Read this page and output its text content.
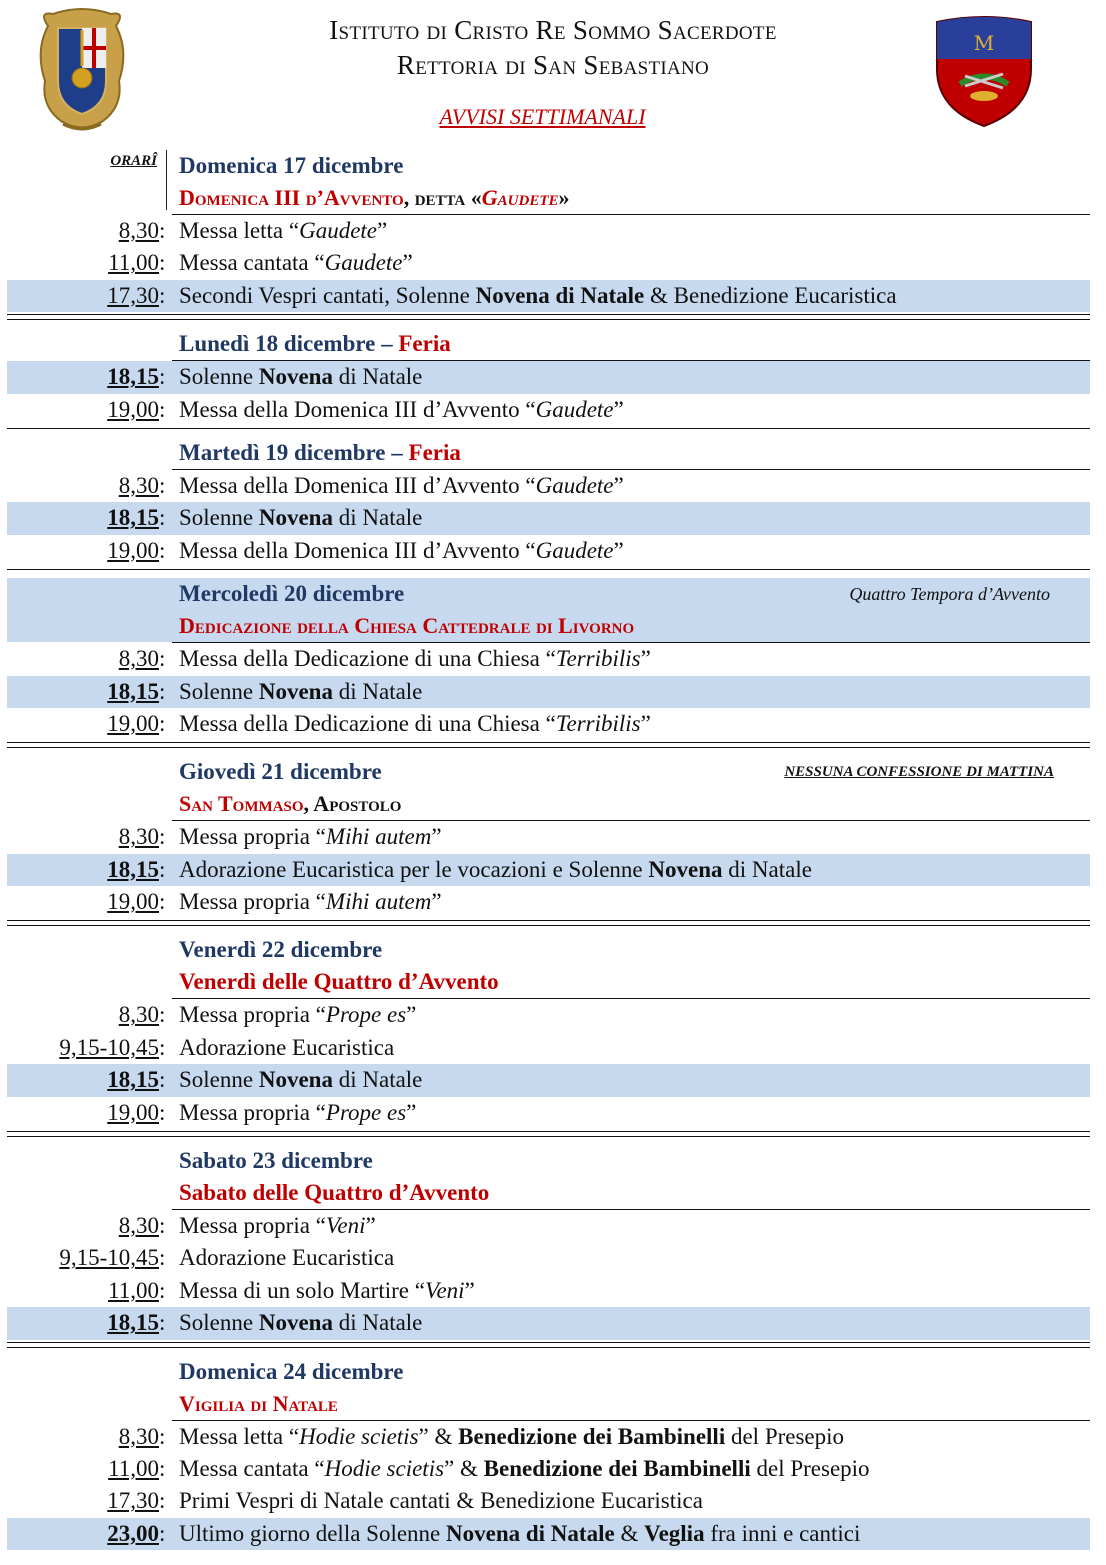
Istituto di Cristo Re Sommo Sacerdote
Rettoria di San Sebastiano
AVVISI SETTIMANALI
M
ORARÎ Domenica 17 dicembre
Domenica III d’Avvento, detta «Gaudete»
8,30 : Messa letta “Gaudete”
11,00 : Messa cantata “Gaudete”
17,30 : Secondi Vespri cantati, Solenne Novena di Natale & Benedizione Eucaristica
Lunedì 18 dicembre – Feria
18,15 : Solenne Novena di Natale
19,00 : Messa della Domenica III d’Avvento “Gaudete”
Martedì 19 dicembre – Feria
8,30 : Messa della Domenica III d’Avvento “Gaudete”
18,15 : Solenne Novena di Natale
19,00 : Messa della Domenica III d’Avvento “Gaudete”
Mercoledì 20 dicembre	Quattro Tempora d’Avvento
Dedicazione della Chiesa Cattedrale di Livorno
8,30 : Messa della Dedicazione di una Chiesa “Terribilis”
18,15 : Solenne Novena di Natale
19,00 : Messa della Dedicazione di una Chiesa “Terribilis”
Giovedì 21 dicembre	NESSUNA CONFESSIONE DI MATTINA
San Tommaso, Apostolo
8,30 : Messa propria “Mihi autem”
18,15 : Adorazione Eucaristica per le vocazioni e Solenne Novena di Natale
19,00 : Messa propria “Mihi autem”
Venerdì 22 dicembre
Venerdì delle Quattro d’Avvento
8,30 : Messa propria “Prope es”
9,15-10,45 : Adorazione Eucaristica
18,15 : Solenne Novena di Natale
19,00 : Messa propria “Prope es”
Sabato 23 dicembre
Sabato delle Quattro d’Avvento
8,30 : Messa propria “Veni”
9,15-10,45 : Adorazione Eucaristica
11,00 : Messa di un solo Martire “Veni”
18,15 : Solenne Novena di Natale
Domenica 24 dicembre
Vigilia di Natale
8,30 : Messa letta “Hodie scietis” & Benedizione dei Bambinelli del Presepio
11,00 : Messa cantata “Hodie scietis” & Benedizione dei Bambinelli del Presepio
17,30 : Primi Vespri di Natale cantati & Benedizione Eucaristica
23,00 : Ultimo giorno della Solenne Novena di Natale & Veglia fra inni e cantici
